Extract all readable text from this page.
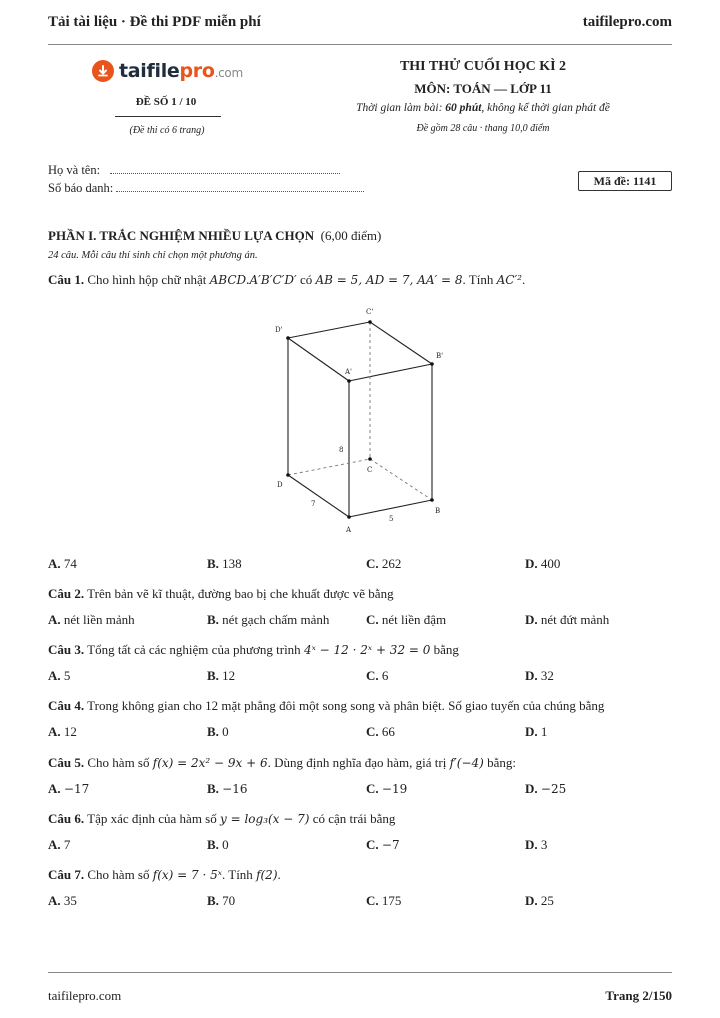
Tải tài liệu · Đề thi PDF miễn phí	taifilepro.com
taifilepro.com
ĐỀ SỐ 1 / 10
(Đề thi có 6 trang)
THI THỬ CUỐI HỌC KÌ 2
MÔN: TOÁN — LỚP 11
Thời gian làm bài: 60 phút, không kể thời gian phát đề
Đề gồm 28 câu · thang 10,0 điểm
Họ và tên:
Số báo danh:	Mã đề: 1141
PHẦN I. TRẮC NGHIỆM NHIỀU LỰA CHỌN (6,00 điểm)
24 câu. Mỗi câu thí sinh chỉ chọn một phương án.
Câu 1. Cho hình hộp chữ nhật ABCD.A′B′C′D′ có AB = 5, AD = 7, AA′ = 8. Tính AC′².
D'
C'
B'
A'
D
C
B
A
8
7
5
A. 74	B. 138	C. 262	D. 400
Câu 2. Trên bản vẽ kĩ thuật, đường bao bị che khuất được vẽ bằng
A. nét liền mảnh	B. nét gạch chấm mảnh	C. nét liền đậm	D. nét đứt mảnh
Câu 3. Tổng tất cả các nghiệm của phương trình 4ˣ − 12 · 2ˣ + 32 = 0 bằng
A. 5	B. 12	C. 6	D. 32
Câu 4. Trong không gian cho 12 mặt phẳng đôi một song song và phân biệt. Số giao tuyến của chúng bằng
A. 12	B. 0	C. 66	D. 1
Câu 5. Cho hàm số f(x) = 2x² − 9x + 6. Dùng định nghĩa đạo hàm, giá trị f′(−4) bằng:
A. −17	B. −16	C. −19	D. −25
Câu 6. Tập xác định của hàm số y = log₃(x − 7) có cận trái bằng
A. 7	B. 0	C. −7	D. 3
Câu 7. Cho hàm số f(x) = 7 · 5ˣ. Tính f(2).
A. 35	B. 70	C. 175	D. 25
taifilepro.com	Trang 2/150
